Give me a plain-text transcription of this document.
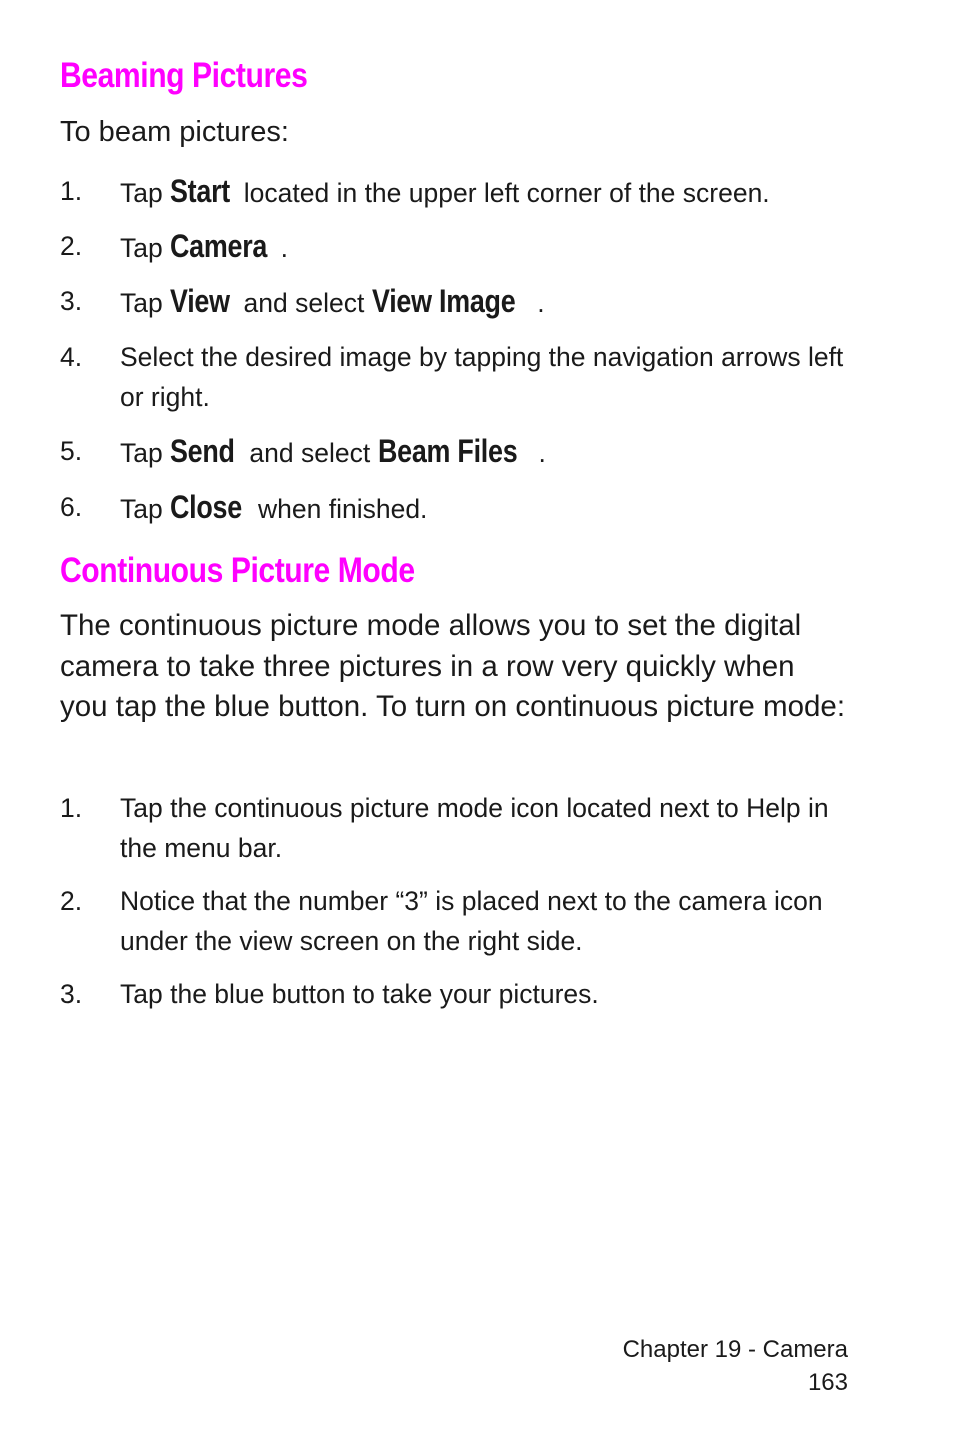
Beaming Pictures

To beam pictures:

1. Tap Start located in the upper left corner of the screen.
2. Tap Camera .
3. Tap View and select View Image .
4. Select the desired image by tapping the navigation arrows left or right.
5. Tap Send and select Beam Files .
6. Tap Close when finished.
Continuous Picture Mode

The continuous picture mode allows you to set the digital camera to take three pictures in a row very quickly when you tap the blue button. To turn on continuous picture mode:

1. Tap the continuous picture mode icon located next to Help in the menu bar.
2. Notice that the number “3” is placed next to the camera icon under the view screen on the right side.
3. Tap the blue button to take your pictures.
Chapter 19 - Camera
163
